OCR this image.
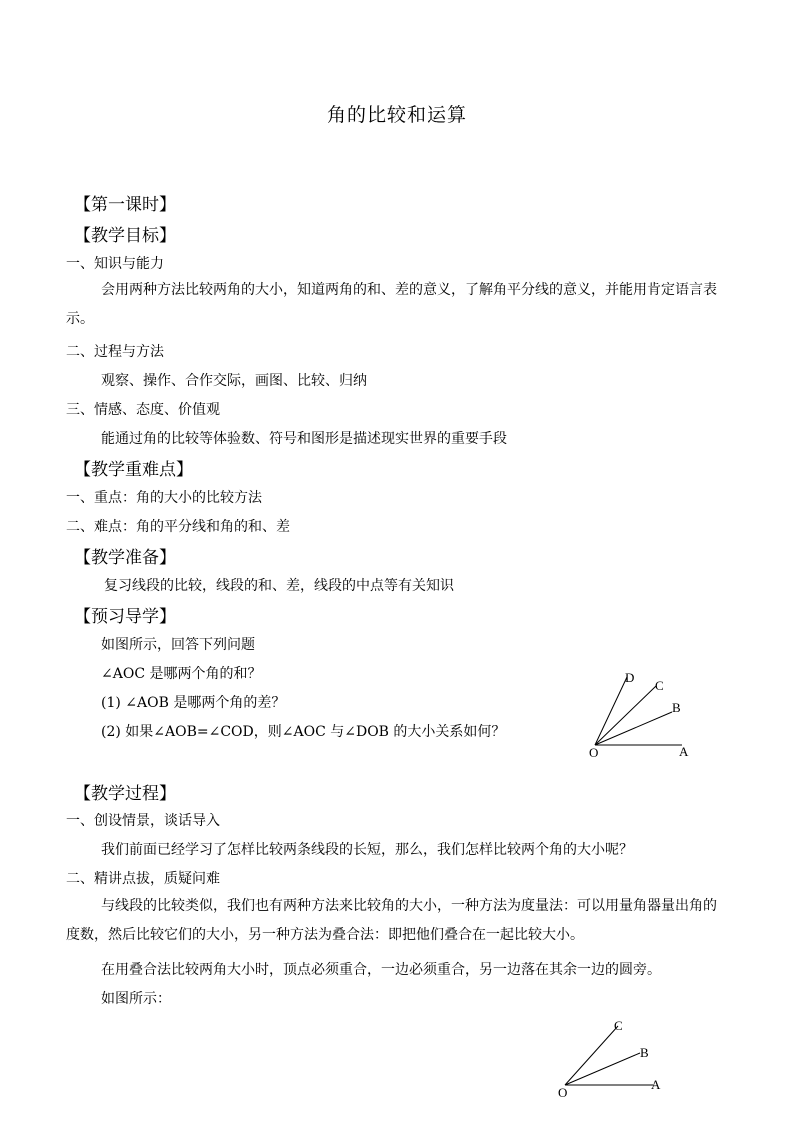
角的比较和运算
【第一课时】
【教学目标】
一、知识与能力
会用两种方法比较两角的大小，知道两角的和、差的意义，了解角平分线的意义，并能用肯定语言表示。
二、过程与方法
观察、操作、合作交际，画图、比较、归纳
三、情感、态度、价值观
能通过角的比较等体验数、符号和图形是描述现实世界的重要手段
【教学重难点】
一、重点：角的大小的比较方法
二、难点：角的平分线和角的和、差
【教学准备】
复习线段的比较，线段的和、差，线段的中点等有关知识
【预习导学】
如图所示，回答下列问题
∠AOC 是哪两个角的和？
(1) ∠AOB 是哪两个角的差？
(2) 如果∠AOB=∠COD，则∠AOC 与∠DOB 的大小关系如何？
O	A
B
C
D
【教学过程】
一、创设情景，谈话导入
我们前面已经学习了怎样比较两条线段的长短，那么，我们怎样比较两个角的大小呢？
二、精讲点拔，质疑问难
与线段的比较类似，我们也有两种方法来比较角的大小，一种方法为度量法：可以用量角器量出角的度数，然后比较它们的大小，另一种方法为叠合法：即把他们叠合在一起比较大小。
在用叠合法比较两角大小时，顶点必须重合，一边必须重合，另一边落在其余一边的圆旁。
如图所示：
O
A
B
C
